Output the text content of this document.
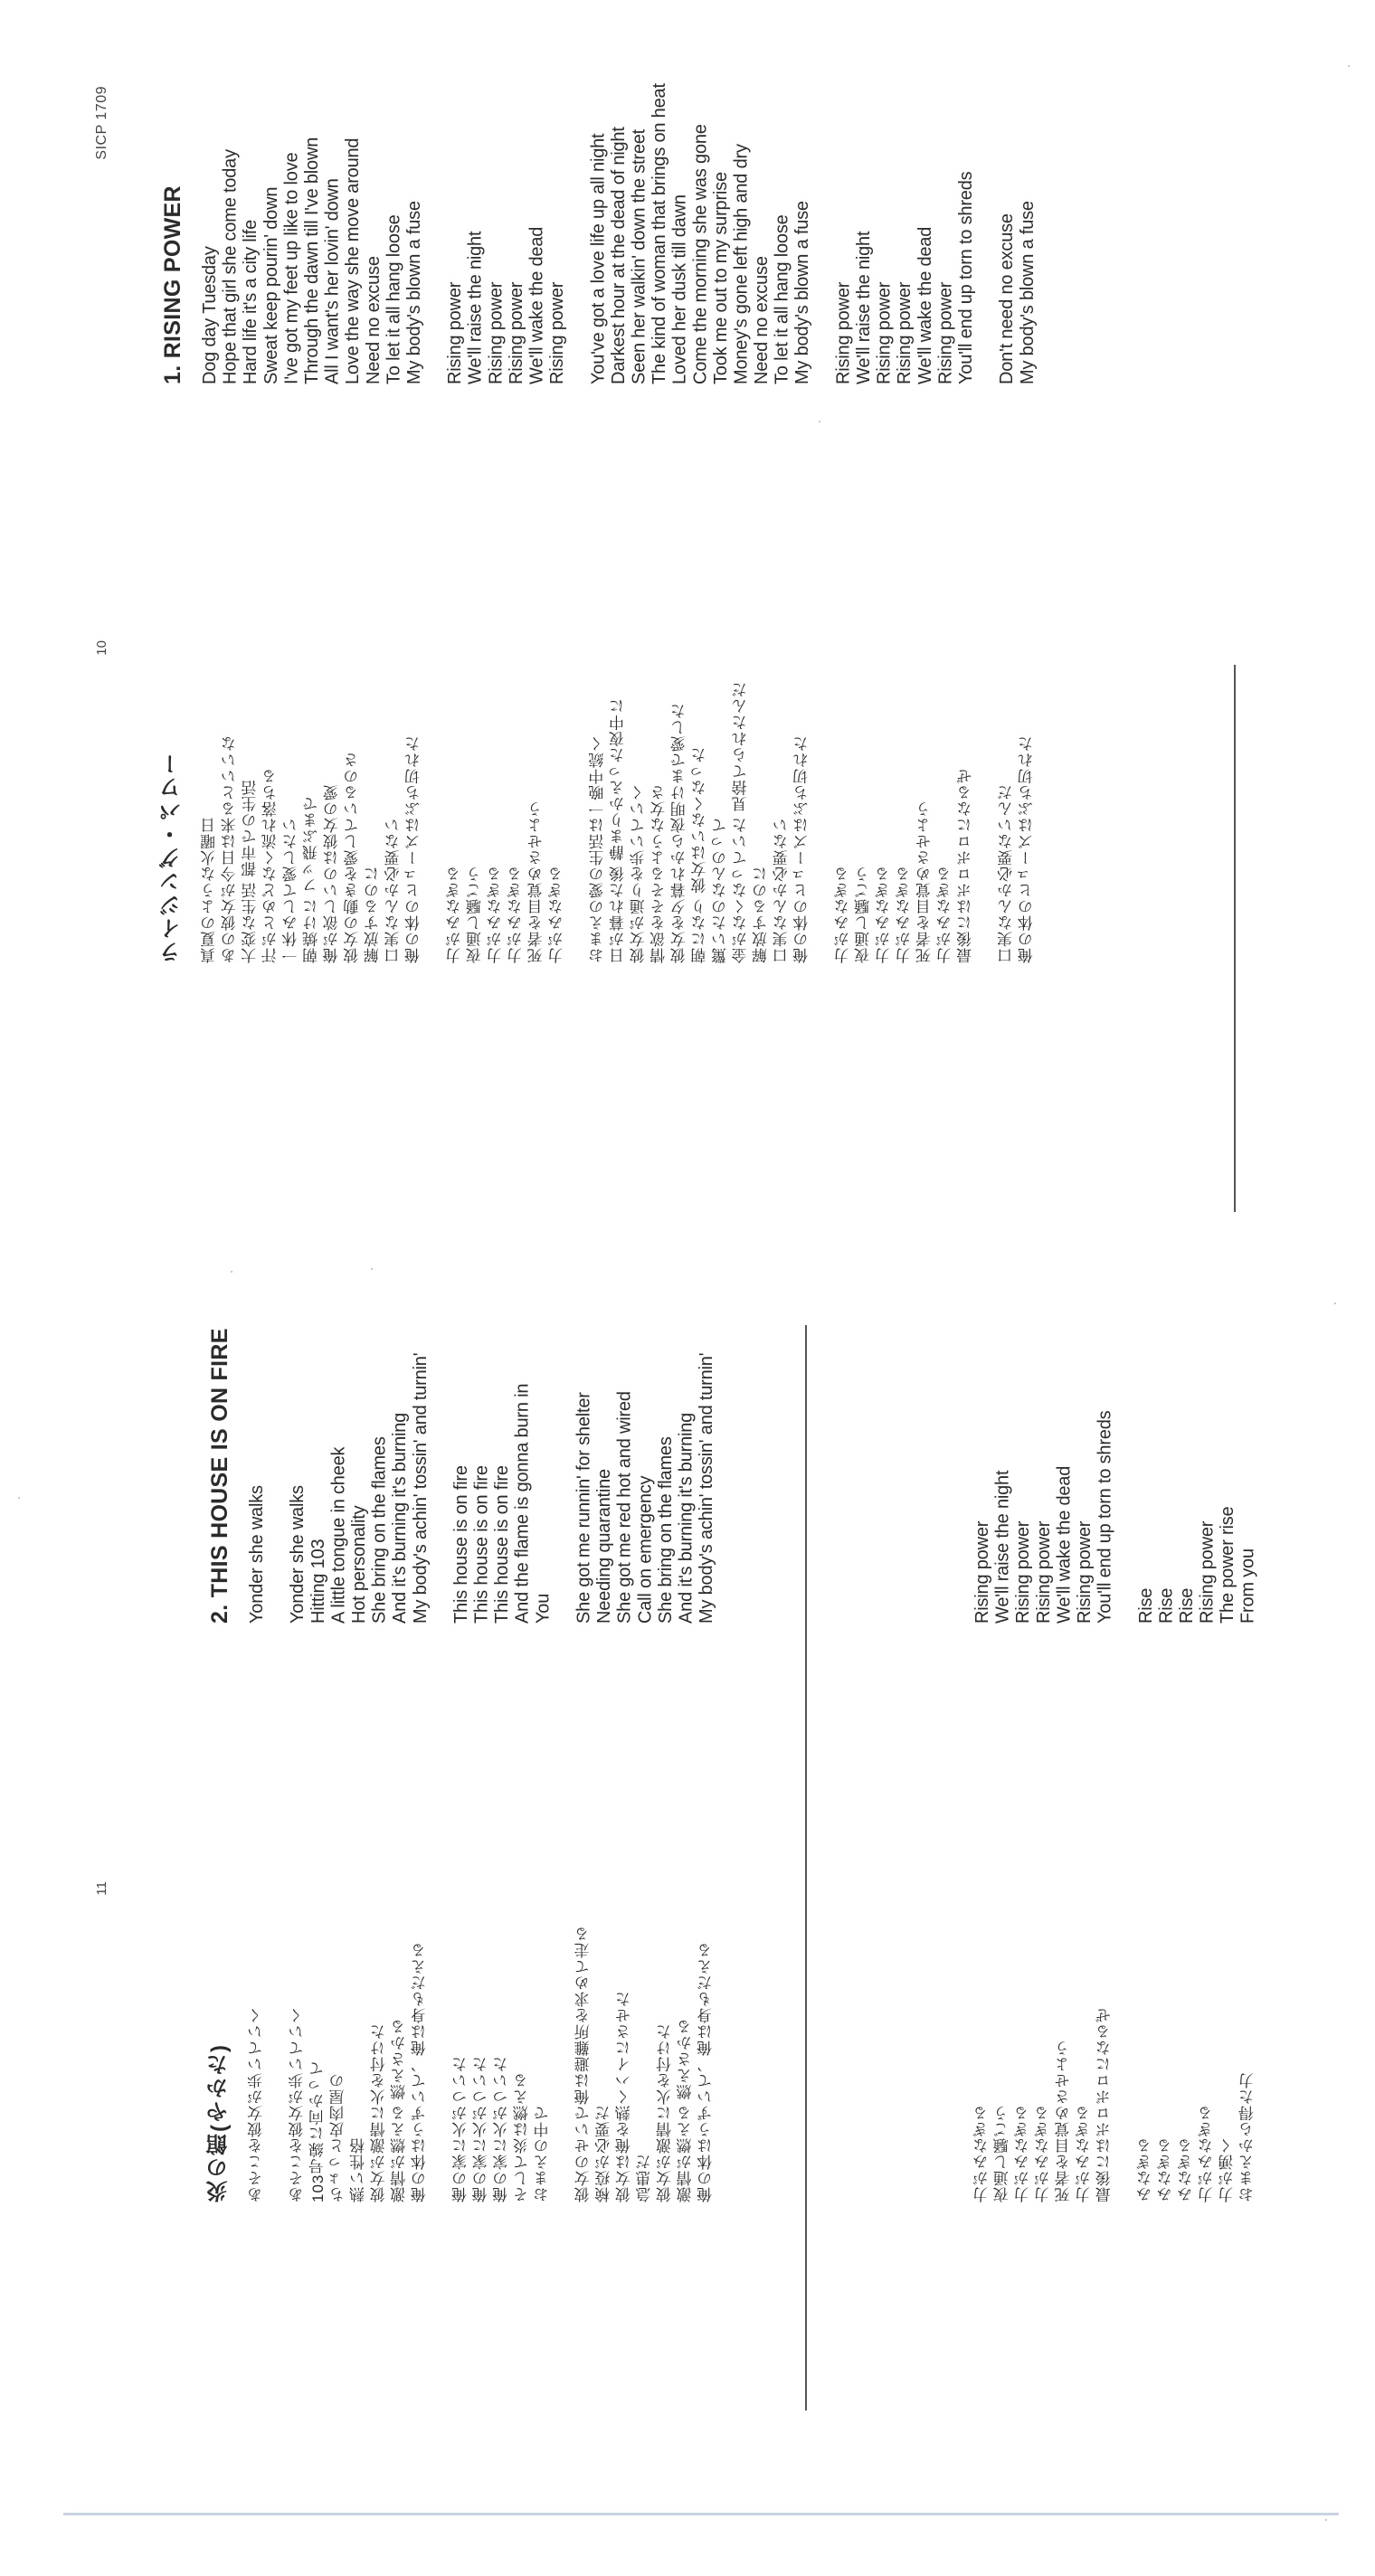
1. RISING POWER Dog day Tuesday Hope that girl she come today Hard life it's a city life Sweat keep pourin' down I've got my feet up like to love Through the dawn till I've blown All I want's her lovin' down Love the way she move around Need no excuse To let it all hang loose My body's blown a fuse Rising power We'll raise the night Rising power Rising power We'll wake the dead Rising power You've got a love life up all night Darkest hour at the dead of night Seen her walkin' down the street The kind of woman that brings on heat Loved her dusk till dawn Come the morning she was gone Took me out to my surprise Money's gone left high and dry Need no excuse To let it all hang loose My body's blown a fuse Rising power We'll raise the night Rising power Rising power We'll wake the dead Rising power You'll end up torn to shreds Don't need no excuse My body's blown a fuse
ライジング・パワー 真夏のような火曜日 あの彼女が今日は来るといいな 大変な生活 都市での生活 汗がとめどなく流れ落ちる 一休みして愛したい 朝焼けに フッ飛ぶまで 俺が欲しいのは彼女の愛 彼女の動きを愛しているのさ 解放するのに 口実なんか必要ない 俺の体のヒューズはぶち切れた 力がみなぎる 夜通し騒ごう 力がみなぎる 力がみなぎる 死者を目覚めさせよう 力がみなぎる おまえの愛の生活は一晩中続く 日が暮れた後 静まりかえった夜中に 彼女が通りを歩いていく 情欲をそそるような女さ 彼女を夕暮れから夜明けまで愛した 朝になり 彼女はいなくなった 驚いたのなんのって 金がなくなっていた 見捨てられたんだ 解放するのに 口実なんか必要ない 俺の体のヒューズはぶち切れた 力がみなぎる 夜通し騒ごう 力がみなぎる 力がみなぎる 死者を目覚めさせよう 力がみなぎる 最後にはボロボロになるぜ 口実なんか必要ないんだ 俺の体のヒューズはぶち切れた
Rising power We'll raise the night Rising power Rising power We'll wake the dead Rising power You'll end up torn to shreds Rise Rise Rise Rising power The power rise From you
力がみなぎる 夜通し騒ごう 力がみなぎる 力がみなぎる 死者を目覚めさせよう 力がみなぎる 最後にはボロボロになるぜ みなぎる みなぎる みなぎる 力がみなぎる 力が湧く おまえから得た力
2. THIS HOUSE IS ON FIRE Yonder she walks Yonder she walks Hitting 103 A little tongue in cheek Hot personality She bring on the flames And it's burning it's burning My body's achin' tossin' and turnin' This house is on fire This house is on fire This house is on fire And the flame is gonna burn in You She got me runnin' for shelter Needing quarantine She got me red hot and wired Call on emergency She bring on the flames And it's burning it's burning My body's achin' tossin' and turnin'
炎の館(やかた) あそこを彼女が歩いていく あそこを彼女が歩いていく 103号線に向かって ちょっと皮肉屋の 熱い性格 彼女が激情に火を付けた 激情が燃える 燃えさかる 俺の体はうずいて、俺は身もだえる 俺の家に火がついた 俺の家に火がついた 俺の家に火がついた そして炎は燃える おまえの中で 彼女のせいで俺は避難所を求めて走る 検疫が必要だ 彼女は俺を熱くハイにさせた 急患だ 彼女が激情に火を付けた 激情が燃える 燃えさかる 俺の体はうずいて、俺は身もだえる
SICP 1709
10
11
